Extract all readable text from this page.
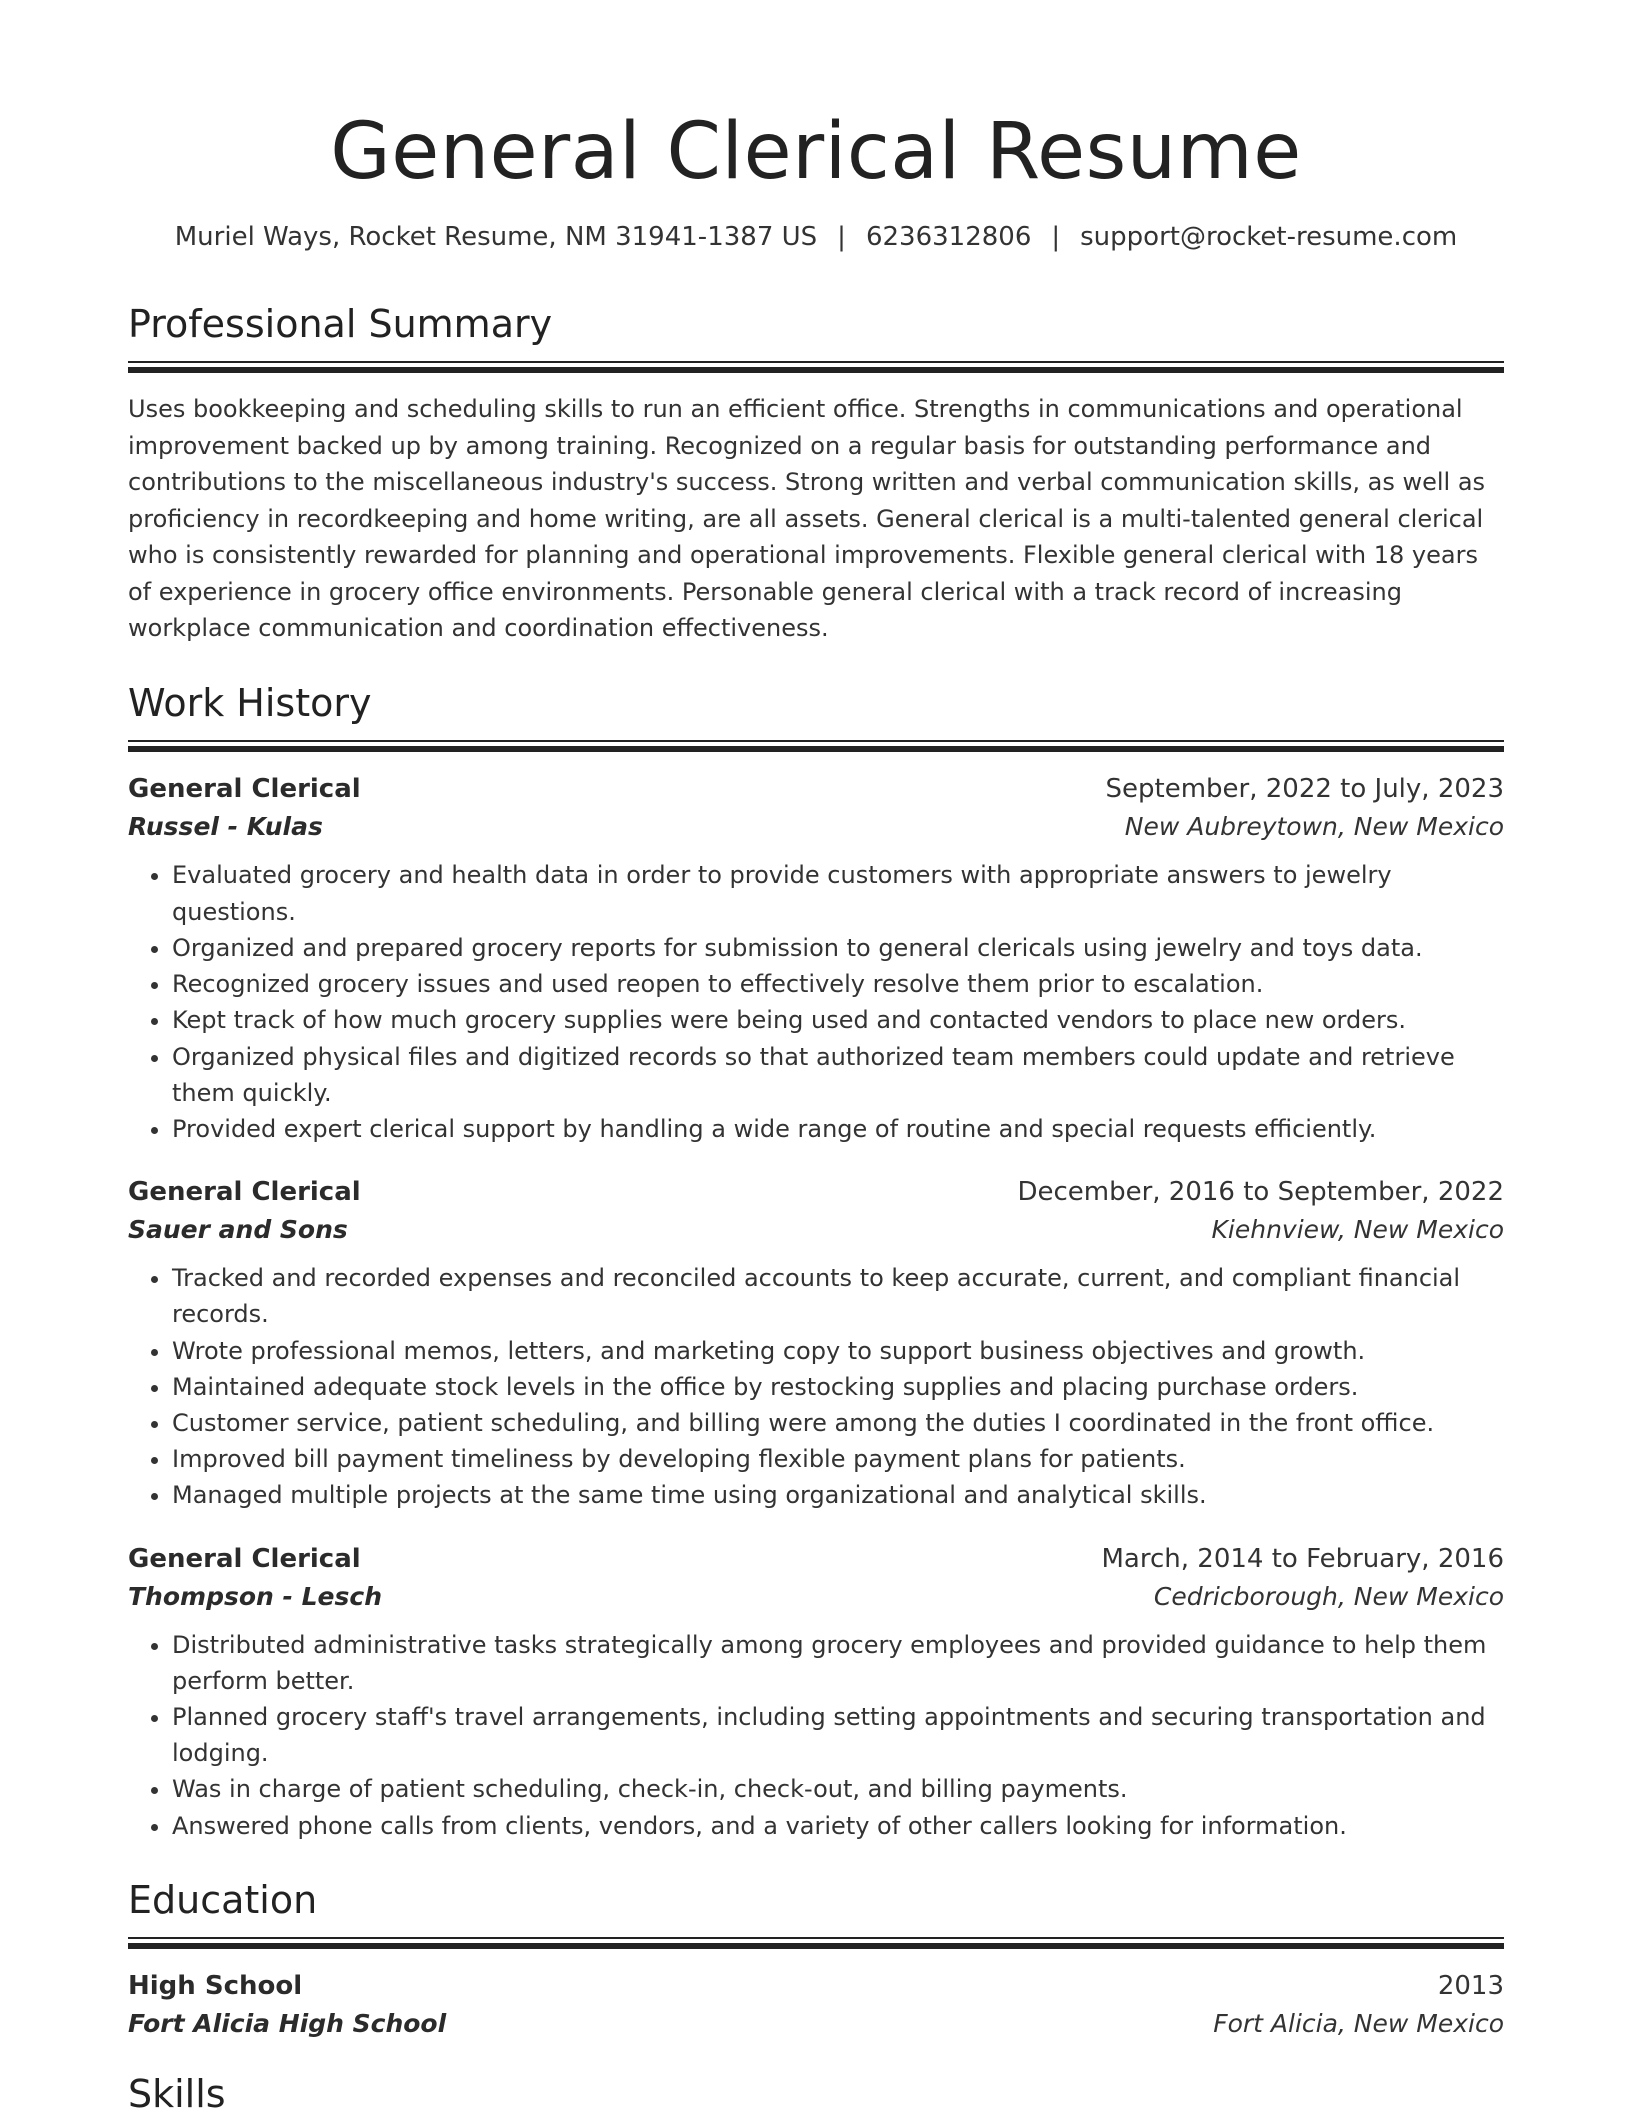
General Clerical Resume
Muriel Ways, Rocket Resume, NM 31941-1387 US | 6236312806 | support@rocket-resume.com
Professional Summary
Uses bookkeeping and scheduling skills to run an efficient office. Strengths in communications and operational improvement backed up by among training. Recognized on a regular basis for outstanding performance and contributions to the miscellaneous industry's success. Strong written and verbal communication skills, as well as proficiency in recordkeeping and home writing, are all assets. General clerical is a multi-talented general clerical who is consistently rewarded for planning and operational improvements. Flexible general clerical with 18 years of experience in grocery office environments. Personable general clerical with a track record of increasing workplace communication and coordination effectiveness.
Work History
General Clerical	September, 2022 to July, 2023
Russel - Kulas	New Aubreytown, New Mexico
• Evaluated grocery and health data in order to provide customers with appropriate answers to jewelry questions.
• Organized and prepared grocery reports for submission to general clericals using jewelry and toys data.
• Recognized grocery issues and used reopen to effectively resolve them prior to escalation.
• Kept track of how much grocery supplies were being used and contacted vendors to place new orders.
• Organized physical files and digitized records so that authorized team members could update and retrieve them quickly.
• Provided expert clerical support by handling a wide range of routine and special requests efficiently.
General Clerical	December, 2016 to September, 2022
Sauer and Sons	Kiehnview, New Mexico
• Tracked and recorded expenses and reconciled accounts to keep accurate, current, and compliant financial records.
• Wrote professional memos, letters, and marketing copy to support business objectives and growth.
• Maintained adequate stock levels in the office by restocking supplies and placing purchase orders.
• Customer service, patient scheduling, and billing were among the duties I coordinated in the front office.
• Improved bill payment timeliness by developing flexible payment plans for patients.
• Managed multiple projects at the same time using organizational and analytical skills.
General Clerical	March, 2014 to February, 2016
Thompson - Lesch	Cedricborough, New Mexico
• Distributed administrative tasks strategically among grocery employees and provided guidance to help them perform better.
• Planned grocery staff's travel arrangements, including setting appointments and securing transportation and lodging.
• Was in charge of patient scheduling, check-in, check-out, and billing payments.
• Answered phone calls from clients, vendors, and a variety of other callers looking for information.
Education
High School	2013
Fort Alicia High School	Fort Alicia, New Mexico
Skills
